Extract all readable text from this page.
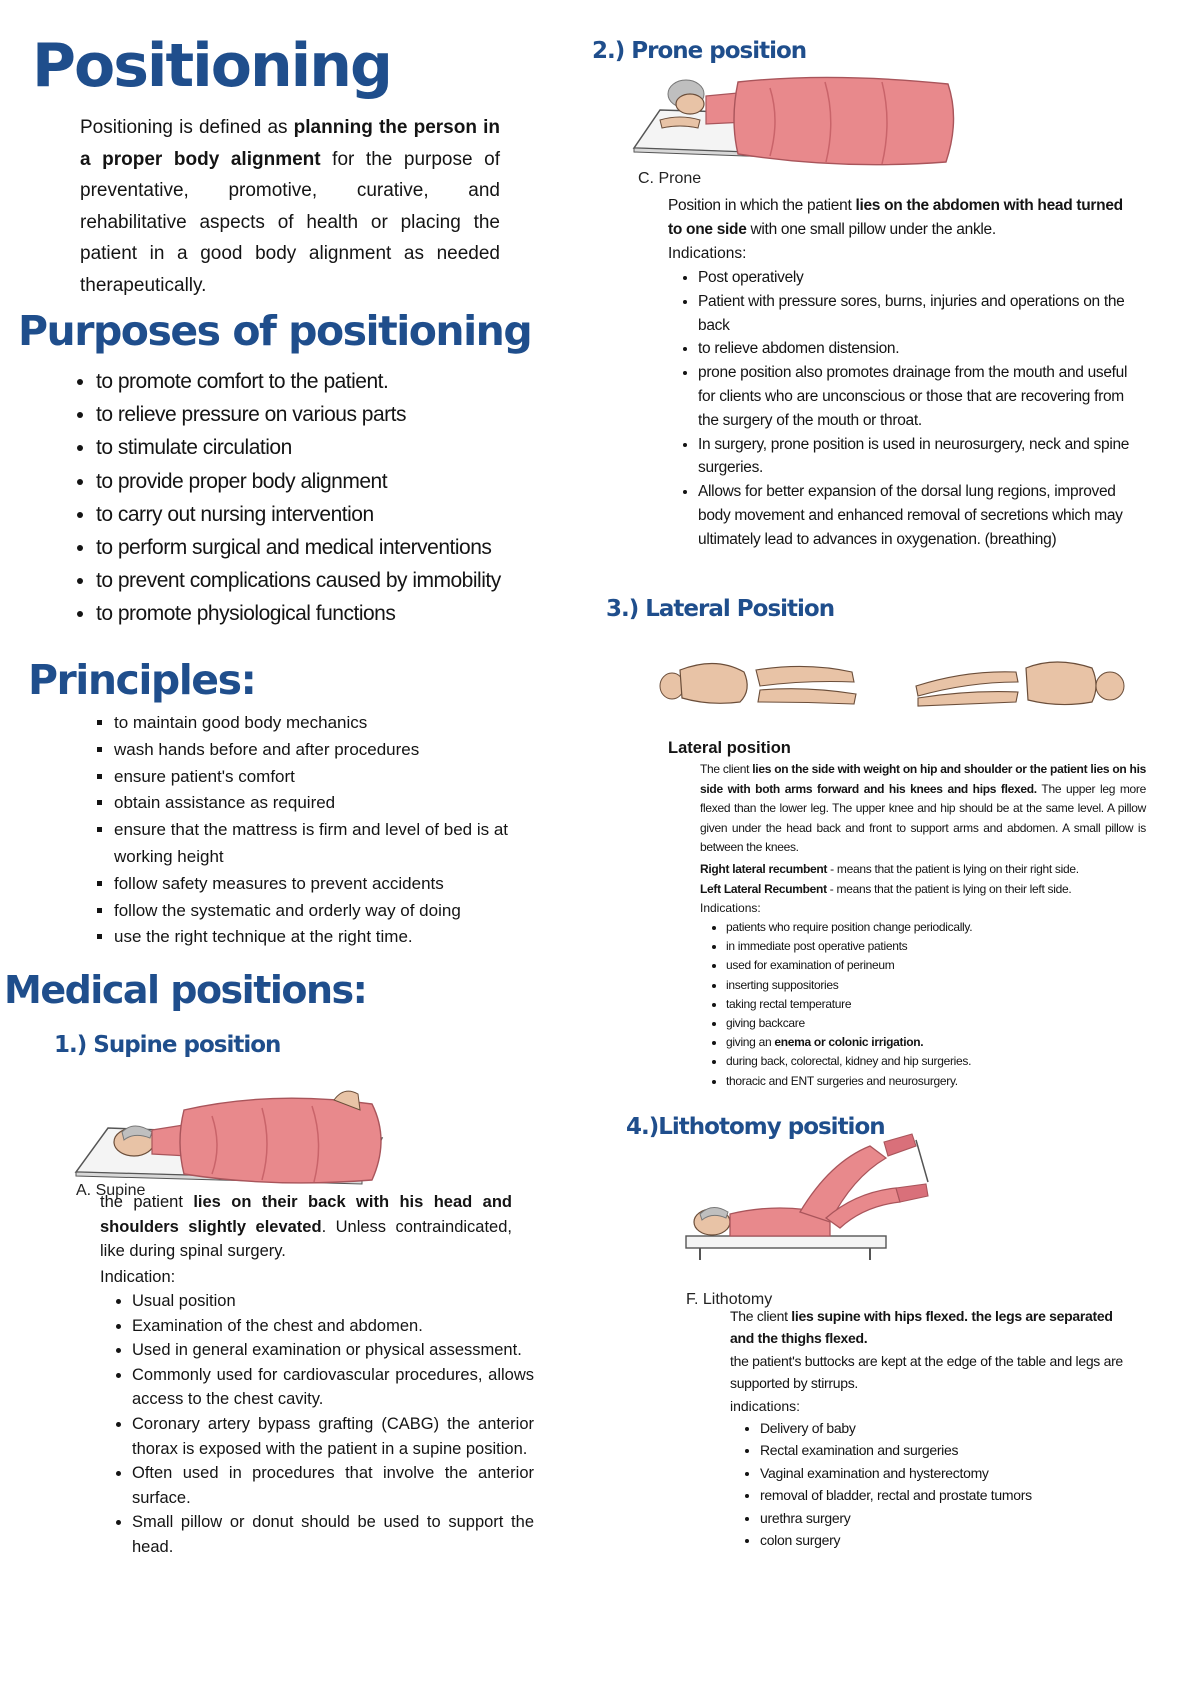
Positioning

Positioning is defined as planning the person in a proper body alignment for the purpose of preventative, promotive, curative, and rehabilitative aspects of health or placing the patient in a good body alignment as needed therapeutically.

Purposes of positioning
• to promote comfort to the patient.
• to relieve pressure on various parts
• to stimulate circulation
• to provide proper body alignment
• to carry out nursing intervention
• to perform surgical and medical interventions
• to prevent complications caused by immobility
• to promote physiological functions
Principles:
▪ to maintain good body mechanics
▪ wash hands before and after procedures
▪ ensure patient's comfort
▪ obtain assistance as required
▪ ensure that the mattress is firm and level of bed is at working height
▪ follow safety measures to prevent accidents
▪ follow the systematic and orderly way of doing
▪ use the right technique at the right time.
Medical positions:
1.) Supine position
A. Supine

the patient lies on their back with his head and shoulders slightly elevated. Unless contraindicated, like during spinal surgery.

Indication:
• Usual position
• Examination of the chest and abdomen.
• Used in general examination or physical assessment.
• Commonly used for cardiovascular procedures, allows access to the chest cavity.
• Coronary artery bypass grafting (CABG) the anterior thorax is exposed with the patient in a supine position.
• Often used in procedures that involve the anterior surface.
• Small pillow or donut should be used to support the head.
2.) Prone position
C. Prone

Position in which the patient lies on the abdomen with head turned to one side with one small pillow under the ankle.

Indications:
• Post operatively
• Patient with pressure sores, burns, injuries and operations on the back
• to relieve abdomen distension.
• prone position also promotes drainage from the mouth and useful for clients who are unconscious or those that are recovering from the surgery of the mouth or throat.
• In surgery, prone position is used in neurosurgery, neck and spine surgeries.
• Allows for better expansion of the dorsal lung regions, improved body movement and enhanced removal of secretions which may ultimately lead to advances in oxygenation. (breathing)
3.) Lateral Position
Lateral position

The client lies on the side with weight on hip and shoulder or the patient lies on his side with both arms forward and his knees and hips flexed. The upper leg more flexed than the lower leg. The upper knee and hip should be at the same level. A pillow given under the head back and front to support arms and abdomen. A small pillow is between the knees.

Right lateral recumbent - means that the patient is lying on their right side.
Left Lateral Recumbent - means that the patient is lying on their left side.
Indications:
• patients who require position change periodically.
• in immediate post operative patients
• used for examination of perineum
• inserting suppositories
• taking rectal temperature
• giving backcare
• giving an enema or colonic irrigation.
• during back, colorectal, kidney and hip surgeries.
• thoracic and ENT surgeries and neurosurgery.
4.)Lithotomy position
F. Lithotomy

The client lies supine with hips flexed. the legs are separated and the thighs flexed.

the patient's buttocks are kept at the edge of the table and legs are supported by stirrups.

indications:
• Delivery of baby
• Rectal examination and surgeries
• Vaginal examination and hysterectomy
• removal of bladder, rectal and prostate tumors
• urethra surgery
• colon surgery
